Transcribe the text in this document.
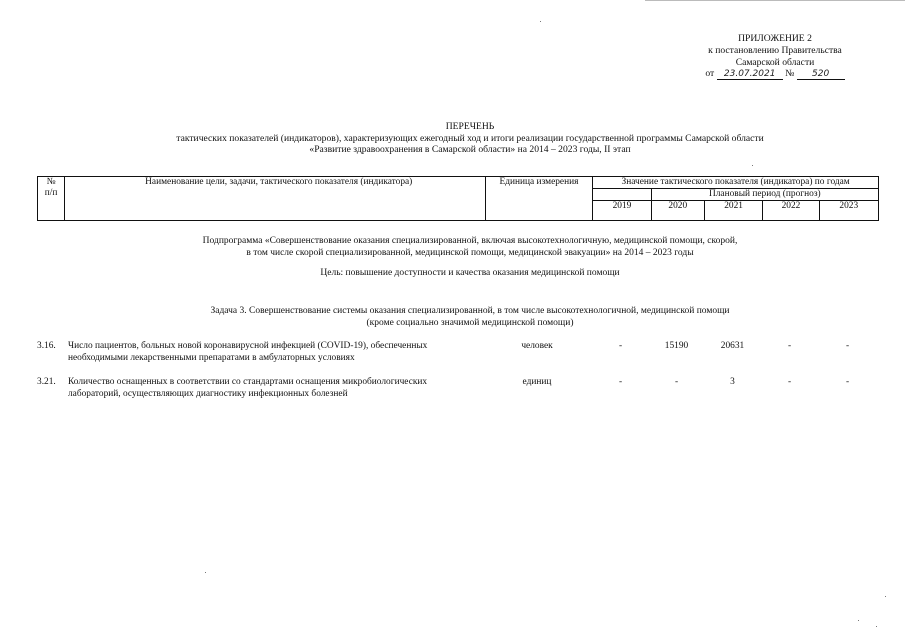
ПРИЛОЖЕНИЕ 2
к постановлению Правительства
Самарской области
от 23.07.2021 № 520
ПЕРЕЧЕНЬ
тактических показателей (индикаторов), характеризующих ежегодный ход и итоги реализации государственной программы Самарской области
«Развитие здравоохранения в Самарской области» на 2014 – 2023 годы, II этап
№
п/п	Наименование цели, задачи, тактического показателя (индикатора)	Единица измерения	Значение тактического показателя (индикатора) по годам				
				Плановый период (прогноз)			
			2019	2020	2021	2022	2023
Подпрограмма «Совершенствование оказания специализированной, включая высокотехнологичную, медицинской помощи, скорой,
в том числе скорой специализированной, медицинской помощи, медицинской эвакуации» на 2014 – 2023 годы
Цель: повышение доступности и качества оказания медицинской помощи
Задача 3. Совершенствование системы оказания специализированной, в том числе высокотехнологичной, медицинской помощи
(кроме социально значимой медицинской помощи)
3.16.	Число пациентов, больных новой коронавирусной инфекцией (COVID-19), обеспеченных
необходимыми лекарственными препаратами в амбулаторных условиях
человек	-	15190	20631	-	-
3.21.	Количество оснащенных в соответствии со стандартами оснащения микробиологических
лабораторий, осуществляющих диагностику инфекционных болезней
единиц	-	-	3	-	-
